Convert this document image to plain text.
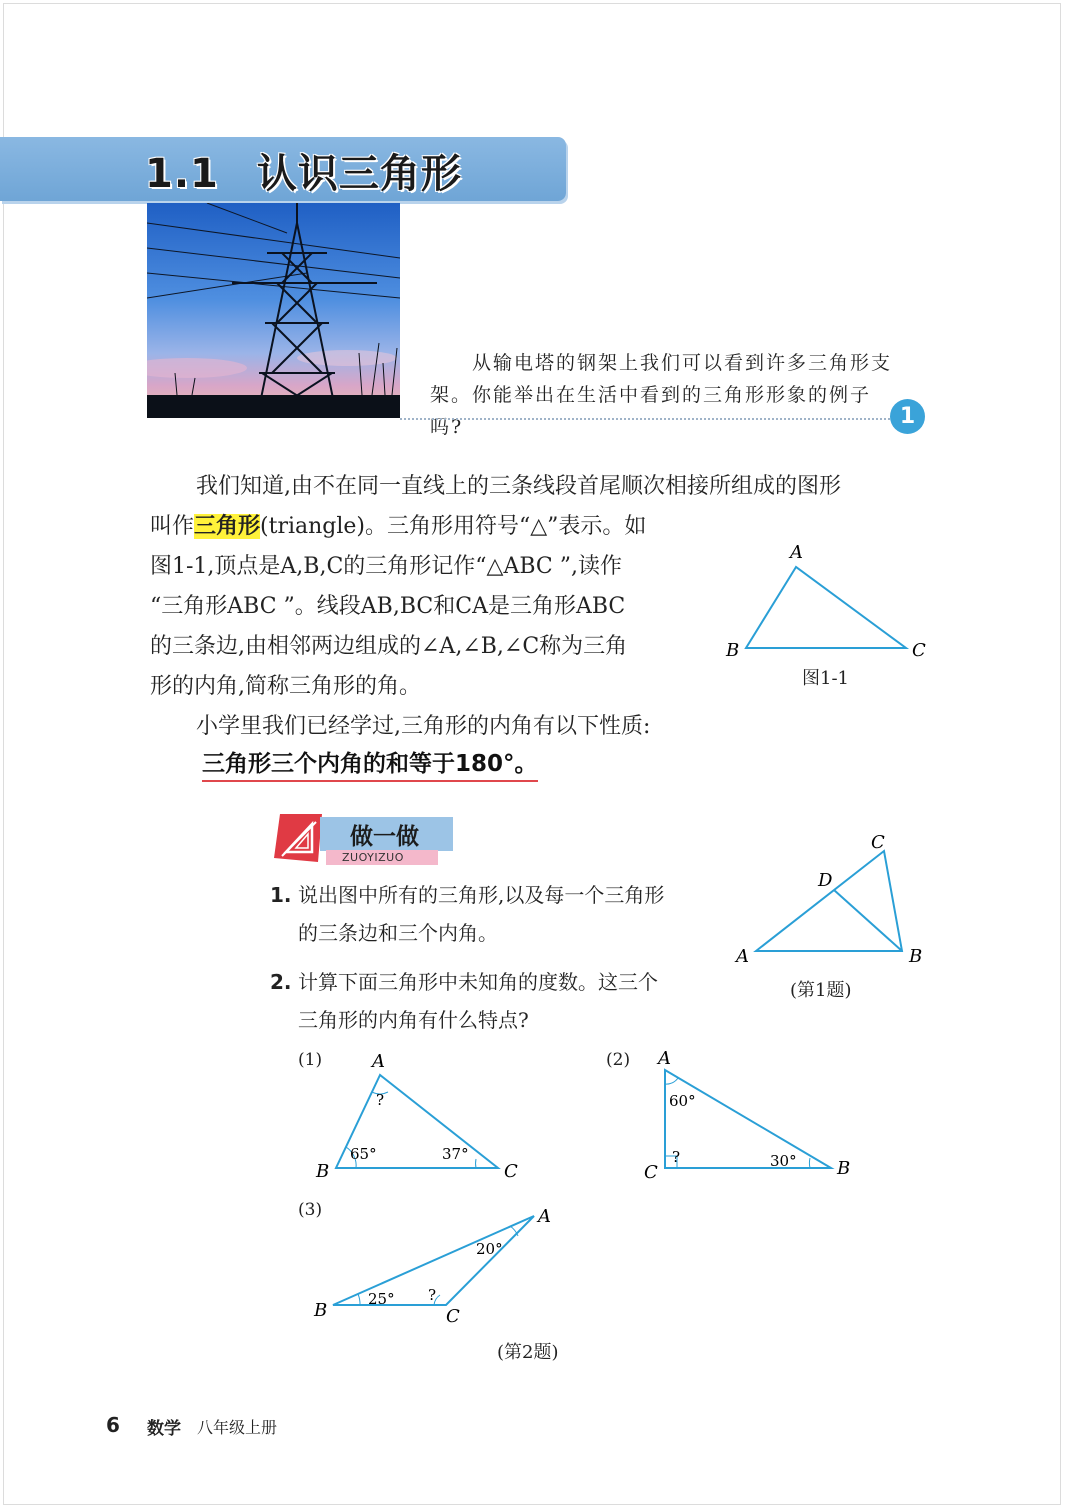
1.1 认识三角形
从输电塔的钢架上我们可以看到许多三角形支
架。你能举出在生活中看到的三角形形象的例子吗?	1

我们知道,由不在同一直线上的三条线段首尾顺次相接所组成的图形

叫作三角形(triangle)。三角形用符号“△”表示。如

图1-1,顶点是A,B,C的三角形记作“△ABC ”,读作

“三角形ABC ”。线段AB,BC和CA是三角形ABC

的三条边,由相邻两边组成的∠A,∠B,∠C称为三角

形的内角,简称三角形的角。

小学里我们已经学过,三角形的内角有以下性质:

三角形三个内角的和等于180°。
A
B	C
图1-1
做一做
ZUOYIZUO
1. 说出图中所有的三角形,以及每一个三角形
的三条边和三个内角。
2. 计算下面三角形中未知角的度数。这三个
三角形的内角有什么特点?
C
D
A	B
(第1题)
(1)	A
B	C
?
65°	37°
(2) A
C	B
60°
?	30°
(3)	A
B	C
20°
25° ?
(第2题)
6 数学 八年级上册
